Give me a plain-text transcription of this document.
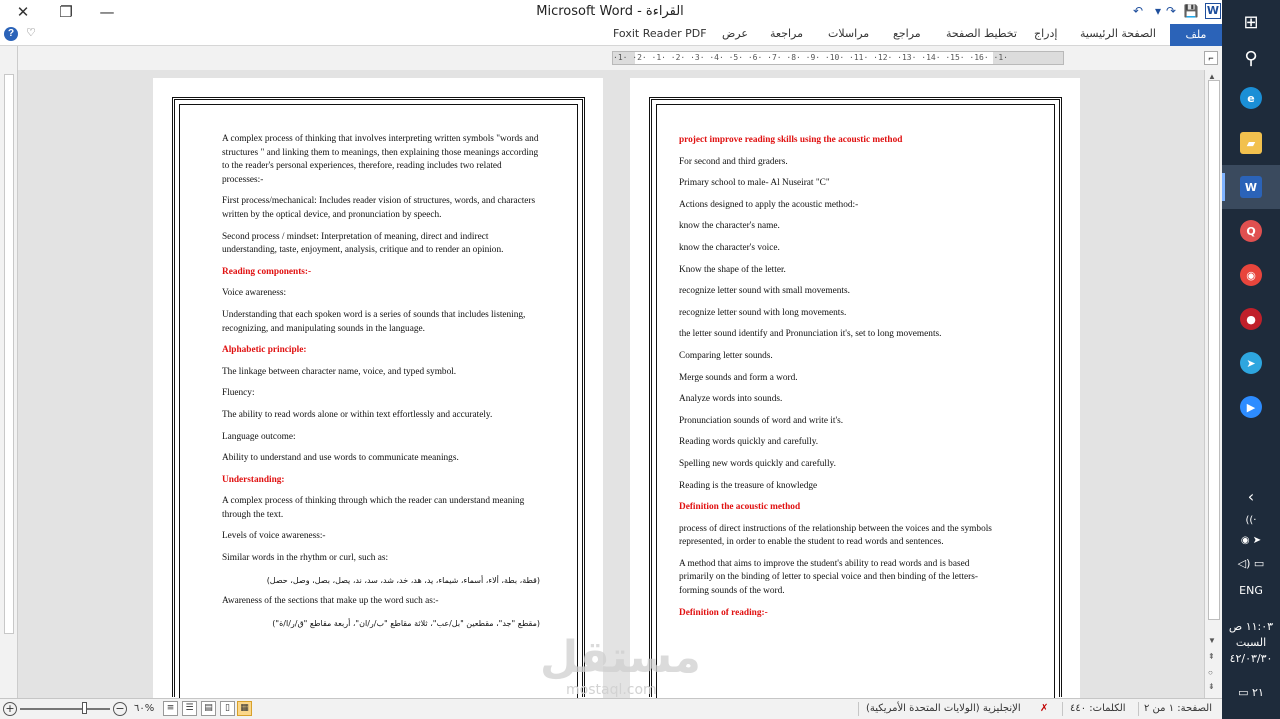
✕	❐	—	Microsoft Word - القراءة	↶ ▾ ↷ 💾 W
?	♡	ملف
الصفحة الرئيسية
إدراج
تخطيط الصفحة
مراجع
مراسلات
مراجعة
عرض
Foxit Reader PDF
·1· ·2· ·1· ·2· ·3· ·4· ·5· ·6· ·7· ·8· ·9· ·10· ·11· ·12· ·13· ·14· ·15· ·16· ·1·	⌐

A complex process of thinking that involves interpreting written symbols "words and structures " and linking them to meanings, then explaining those meanings according to the reader's personal experiences, therefore, reading includes two related processes:-

First process/mechanical: Includes reader vision of structures, words, and characters written by the optical device, and pronunciation by speech.

Second process / mindset: Interpretation of meaning, direct and indirect understanding, taste, enjoyment, analysis, critique and to render an opinion.

Reading components:-

Voice awareness:

Understanding that each spoken word is a series of sounds that includes listening, recognizing, and manipulating sounds in the language.

Alphabetic principle:

The linkage between character name, voice, and typed symbol.

Fluency:

The ability to read words alone or within text effortlessly and accurately.

Language outcome:

Ability to understand and use words to communicate meanings.

Understanding:

A complex process of thinking through which the reader can understand meaning through the text.

Levels of voice awareness:-

Similar words in the rhythm or curl, such as:

(قطة، بطة، ألاء، أسماء، شيماء، يد، هد، خد، شد، سد، ند، يصل، بصل، وصل، حصل)

Awareness of the sections that make up the word such as:-

(مقطع "جد"، مقطعين "بل/عب"، ثلاثة مقاطع "ب/ر/ان"، أربعة مقاطع "ق/ر/ا/ة")

project improve reading skills using the acoustic method

For second and third graders.

Primary school to male- Al Nuseirat "C"

Actions designed to apply the acoustic method:-

know the character's name.

know the character's voice.

Know the shape of the letter.

recognize letter sound with small movements.

recognize letter sound with long movements.

the letter sound identify and Pronunciation it's, set to long movements.

Comparing letter sounds.

Merge sounds and form a word.

Analyze words into sounds.

Pronunciation sounds of word and write it's.

Reading words quickly and carefully.

Spelling new words quickly and carefully.

Reading is the treasure of knowledge

Definition the acoustic method

process of direct instructions of the relationship between the voices and the symbols represented, in order to enable the student to read words and sentences.

A method that aims to improve the student's ability to read words and is based primarily on the binding of letter to special voice and then binding of the letters-forming sounds of the word.

Definition of reading:-

مستقل
mostaql.com
▲
▼
⇞
○
⇟
+	− ٦٠%	≡	☰	▤	▯	▦	الإنجليزية (الولايات المتحدة الأمريكية) ✗ الكلمات: ٤٤٠ الصفحة: ١ من ٢
⊞
⚲
e
▰
W
Q
◉
●
➤
▶
‹
((·
◉ ➤
◁) ▭
ENG
١١:٠٣ ص
السبت
٤٢/٠٣/٣٠
▭ ٢١
